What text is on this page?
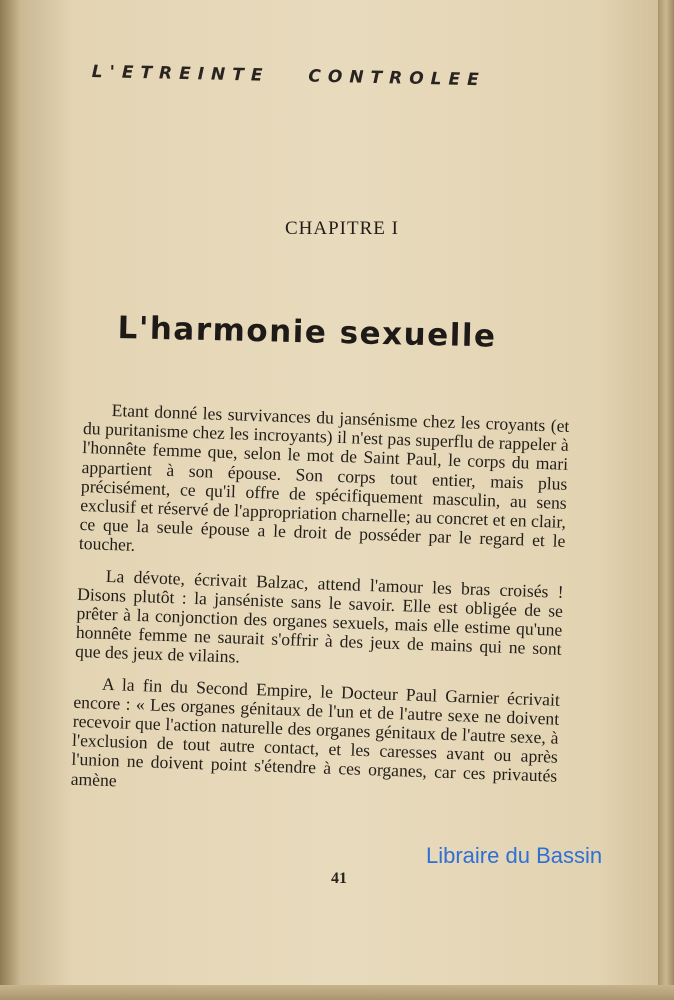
L'ETREINTE CONTROLEE
CHAPITRE I
L'harmonie sexuelle

Etant donné les survivances du jansénisme chez les croyants (et du puritanisme chez les incroyants) il n'est pas superflu de rappeler à l'honnête femme que, selon le mot de Saint Paul, le corps du mari appartient à son épouse. Son corps tout entier, mais plus précisément, ce qu'il offre de spécifiquement masculin, au sens exclusif et réservé de l'appropriation charnelle; au concret et en clair, ce que la seule épouse a le droit de posséder par le regard et le toucher.

La dévote, écrivait Balzac, attend l'amour les bras croisés ! Disons plutôt : la janséniste sans le savoir. Elle est obligée de se prêter à la conjonction des organes sexuels, mais elle estime qu'une honnête femme ne saurait s'offrir à des jeux de mains qui ne sont que des jeux de vilains.

A la fin du Second Empire, le Docteur Paul Garnier écrivait encore : « Les organes génitaux de l'un et de l'autre sexe ne doivent recevoir que l'action naturelle des organes génitaux de l'autre sexe, à l'exclusion de tout autre contact, et les caresses avant ou après l'union ne doivent point s'étendre à ces organes, car ces privautés amène

41
Libraire du Bassin
